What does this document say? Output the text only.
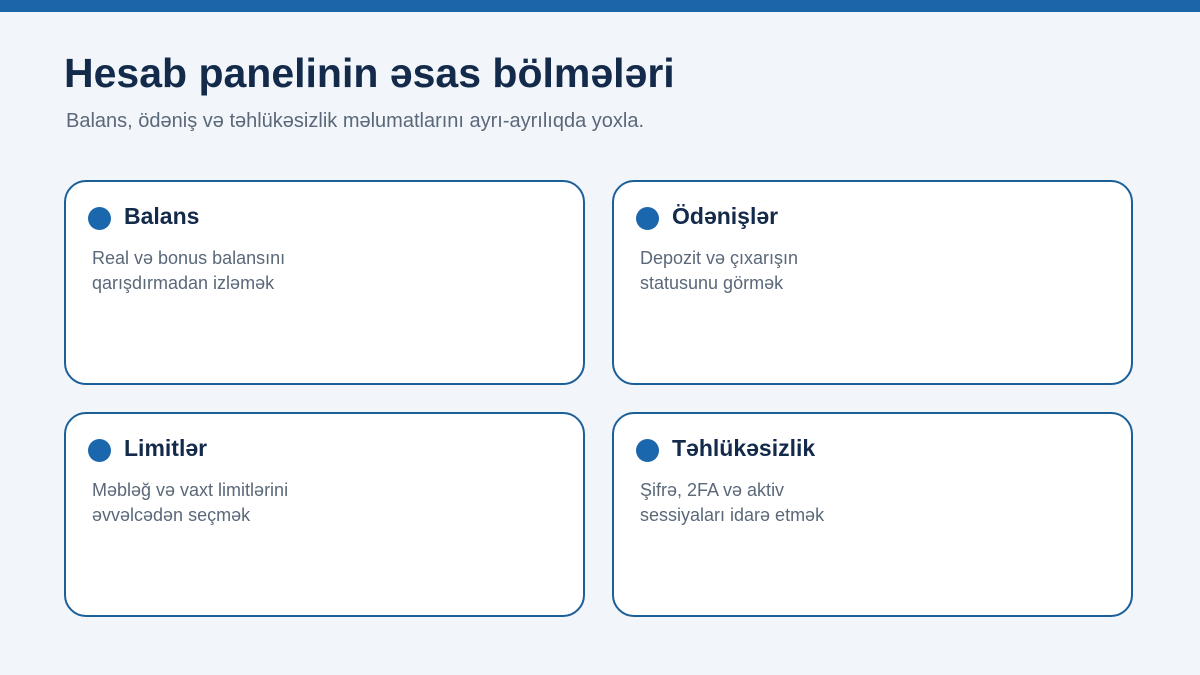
Hesab panelinin əsas bölmələri

Balans, ödəniş və təhlükəsizlik məlumatlarını ayrı-ayrılıqda yoxla.

Balans
Real və bonus balansını
qarışdırmadan izləmək
Ödənişlər
Depozit və çıxarışın
statusunu görmək
Limitlər
Məbləğ və vaxt limitlərini
əvvəlcədən seçmək
Təhlükəsizlik
Şifrə, 2FA və aktiv
sessiyaları idarə etmək
